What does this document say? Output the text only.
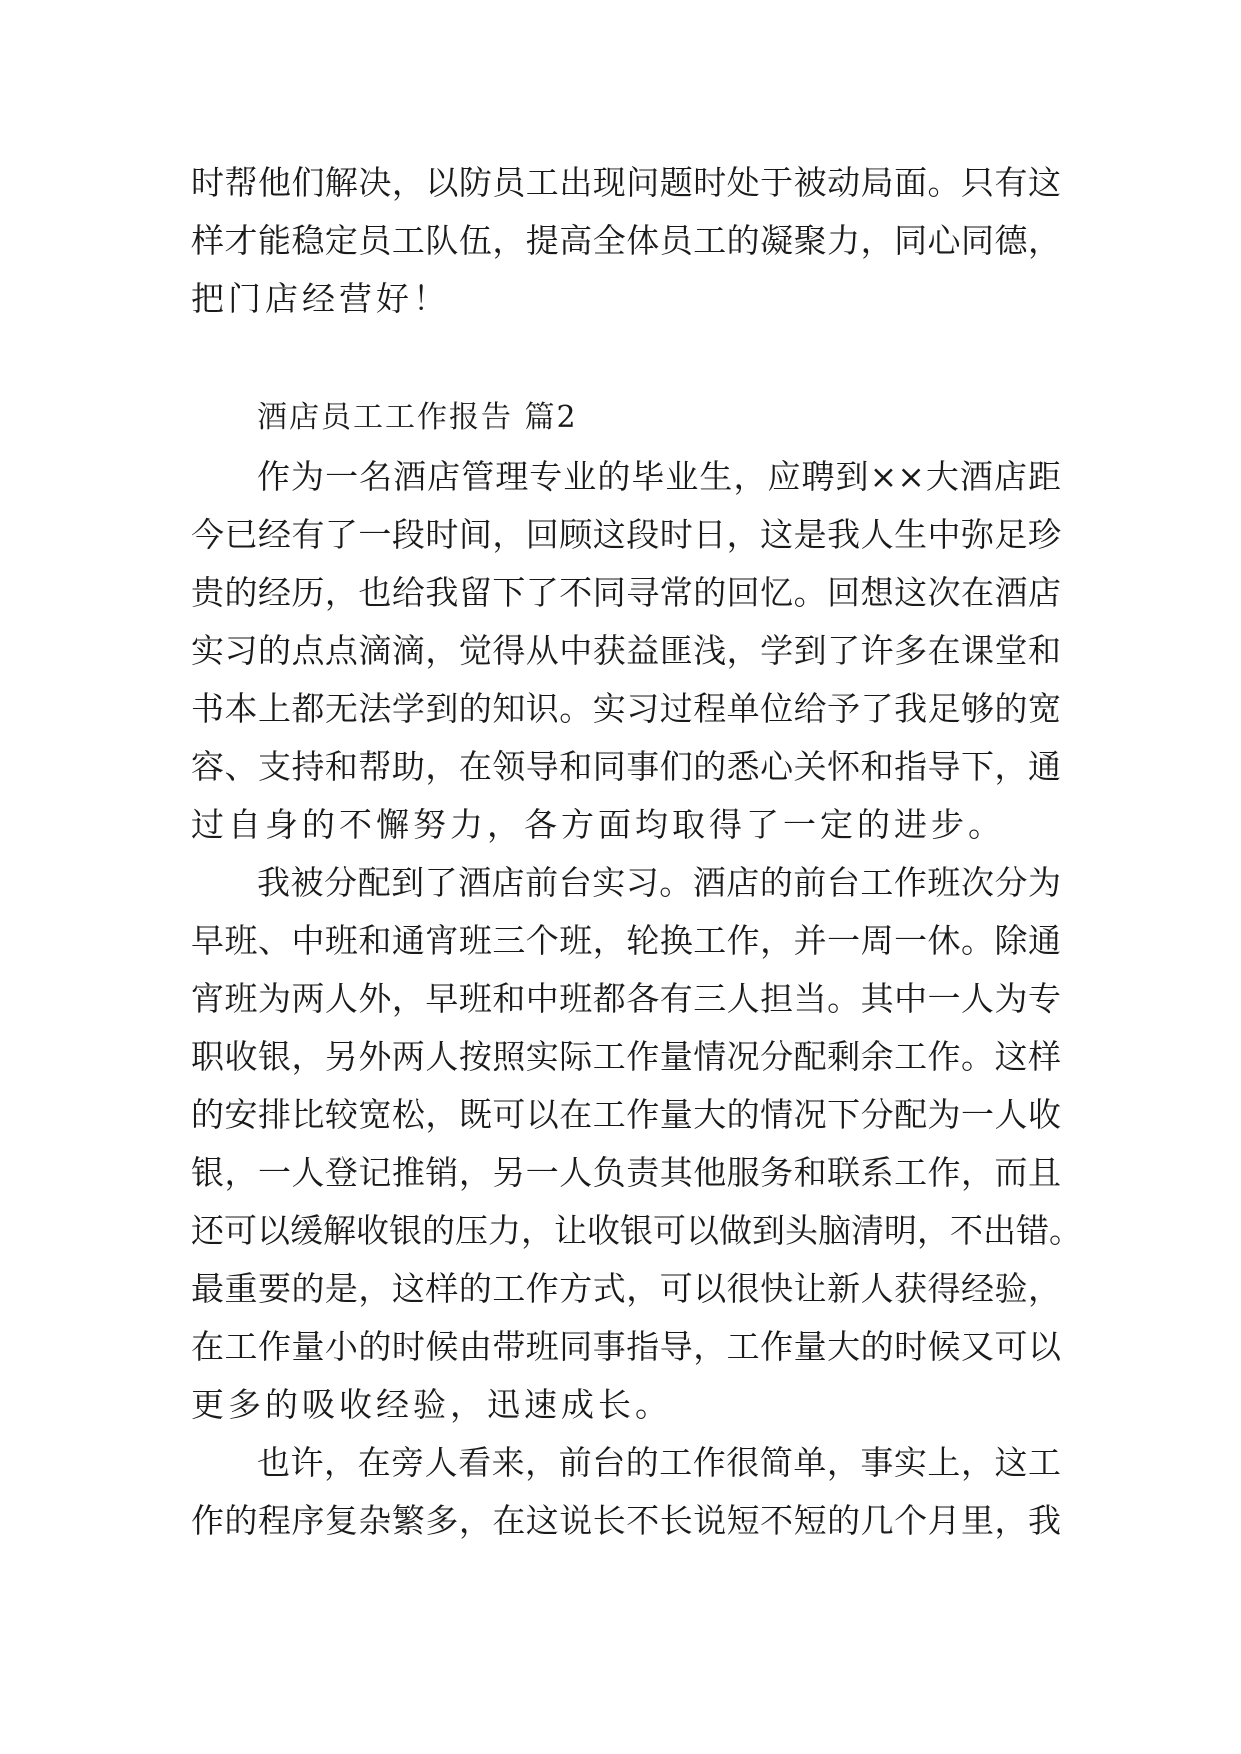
时帮他们解决，以防员工出现问题时处于被动局面。只有这
样才能稳定员工队伍，提高全体员工的凝聚力，同心同德，
把门店经营好！
酒店员工工作报告 篇2
作为一名酒店管理专业的毕业生，应聘到××大酒店距
今已经有了一段时间，回顾这段时日，这是我人生中弥足珍
贵的经历，也给我留下了不同寻常的回忆。回想这次在酒店
实习的点点滴滴，觉得从中获益匪浅，学到了许多在课堂和
书本上都无法学到的知识。实习过程单位给予了我足够的宽
容、支持和帮助，在领导和同事们的悉心关怀和指导下，通
过自身的不懈努力，各方面均取得了一定的进步。
我被分配到了酒店前台实习。酒店的前台工作班次分为
早班、中班和通宵班三个班，轮换工作，并一周一休。除通
宵班为两人外，早班和中班都各有三人担当。其中一人为专
职收银，另外两人按照实际工作量情况分配剩余工作。这样
的安排比较宽松，既可以在工作量大的情况下分配为一人收
银，一人登记推销，另一人负责其他服务和联系工作，而且
还可以缓解收银的压力，让收银可以做到头脑清明，不出错。
最重要的是，这样的工作方式，可以很快让新人获得经验，
在工作量小的时候由带班同事指导，工作量大的时候又可以
更多的吸收经验，迅速成长。
也许，在旁人看来，前台的工作很简单，事实上，这工
作的程序复杂繁多，在这说长不长说短不短的几个月里，我
